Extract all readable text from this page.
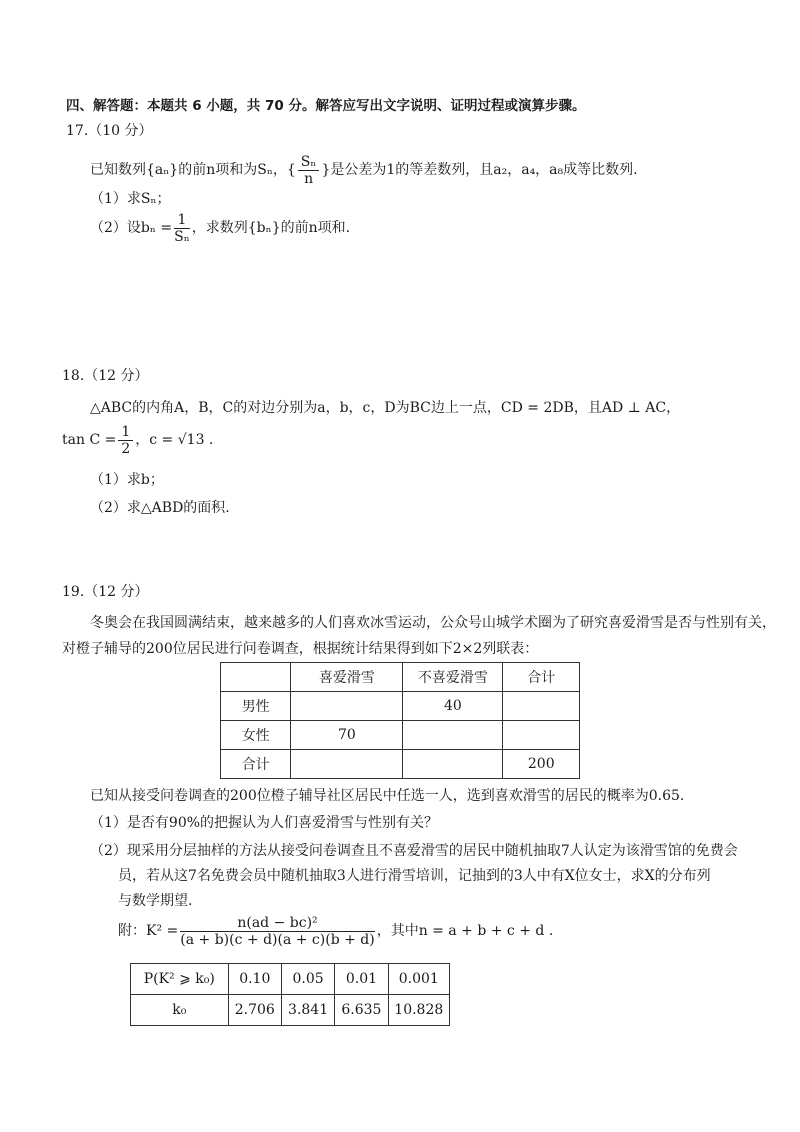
四、解答题：本题共 6 小题，共 70 分。解答应写出文字说明、证明过程或演算步骤。
17.（10 分）
已知数列{aₙ}的前n项和为Sₙ，{ $\frac{\text{Sₙ}}{n}$ }是公差为1的等差数列，且a₂，a₄，a₈成等比数列.
（1）求Sₙ；
（2）设$b_n = \frac{1}{\text{Sₙ}}$ ，求数列{bₙ}的前n项和.
18.（12 分）
△ABC的内角A，B，C的对边分别为a，b，c，D为BC边上一点，CD = 2DB，且AD ⊥ AC，
$\tan C = \frac{1}{2}$ ，c = √13 .
（1）求b；
（2）求△ABD的面积.
19.（12 分）
冬奥会在我国圆满结束，越来越多的人们喜欢冰雪运动，公众号山城学术圈为了研究喜爱滑雪是否与性别有关，
对橙子辅导的200位居民进行问卷调查，根据统计结果得到如下2×2列联表：
	喜爱滑雪	不喜爱滑雪	合计
男性		40	
女性	70		
合计			200
已知从接受问卷调查的200位橙子辅导社区居民中任选一人，选到喜欢滑雪的居民的概率为0.65.
（1）是否有90%的把握认为人们喜爱滑雪与性别有关？
（2）现采用分层抽样的方法从接受问卷调查且不喜爱滑雪的居民中随机抽取7人认定为该滑雪馆的免费会
员，若从这7名免费会员中随机抽取3人进行滑雪培训，记抽到的3人中有X位女士，求X的分布列
与数学期望.
附：$K^2 = \frac{\text{n(ad − bc)²}}{(a + b)(c + d)(a + c)(b + d)}$ ，其中n = a + b + c + d .
P(K² ⩾ k₀)	0.10	0.05	0.01	0.001
k₀	2.706	3.841	6.635	10.828
